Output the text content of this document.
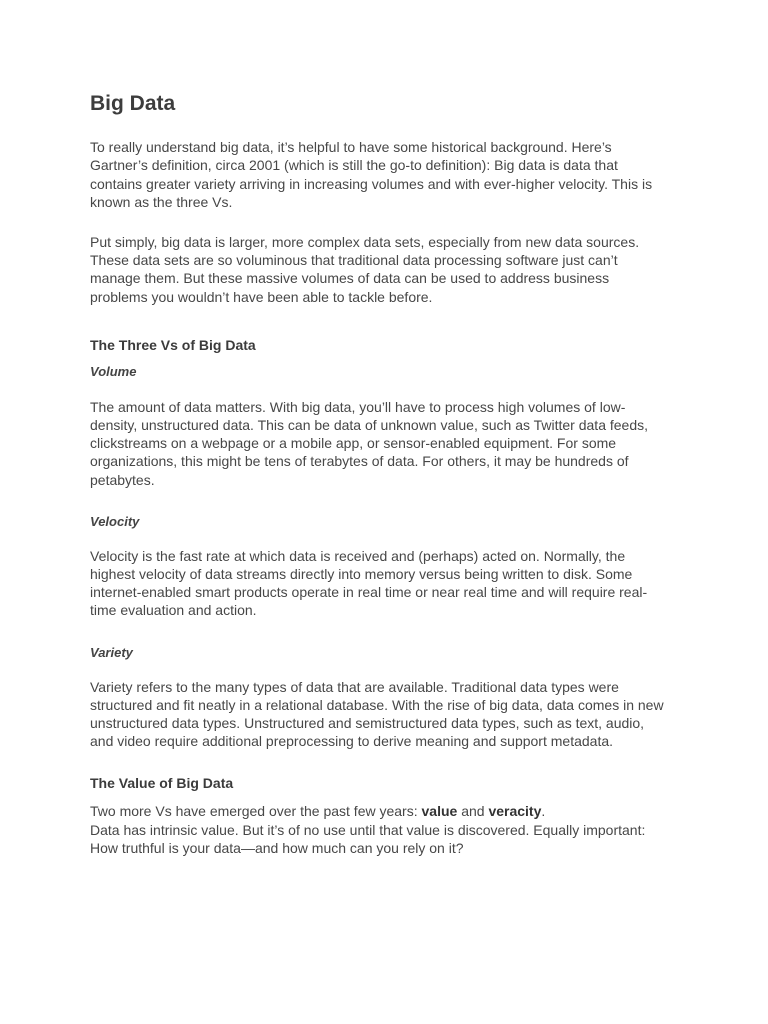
Big Data

To really understand big data, it’s helpful to have some historical background. Here’s Gartner’s definition, circa 2001 (which is still the go-to definition): Big data is data that contains greater variety arriving in increasing volumes and with ever-higher velocity. This is known as the three Vs.

Put simply, big data is larger, more complex data sets, especially from new data sources. These data sets are so voluminous that traditional data processing software just can’t manage them. But these massive volumes of data can be used to address business problems you wouldn’t have been able to tackle before.

The Three Vs of Big Data
Volume

The amount of data matters. With big data, you’ll have to process high volumes of low-density, unstructured data. This can be data of unknown value, such as Twitter data feeds, clickstreams on a webpage or a mobile app, or sensor-enabled equipment. For some organizations, this might be tens of terabytes of data. For others, it may be hundreds of petabytes.

Velocity

Velocity is the fast rate at which data is received and (perhaps) acted on. Normally, the highest velocity of data streams directly into memory versus being written to disk. Some internet-enabled smart products operate in real time or near real time and will require real-time evaluation and action.

Variety

Variety refers to the many types of data that are available. Traditional data types were structured and fit neatly in a relational database. With the rise of big data, data comes in new unstructured data types. Unstructured and semistructured data types, such as text, audio, and video require additional preprocessing to derive meaning and support metadata.

The Value of Big Data

Two more Vs have emerged over the past few years: value and veracity.

Data has intrinsic value. But it’s of no use until that value is discovered. Equally important: How truthful is your data—and how much can you rely on it?
